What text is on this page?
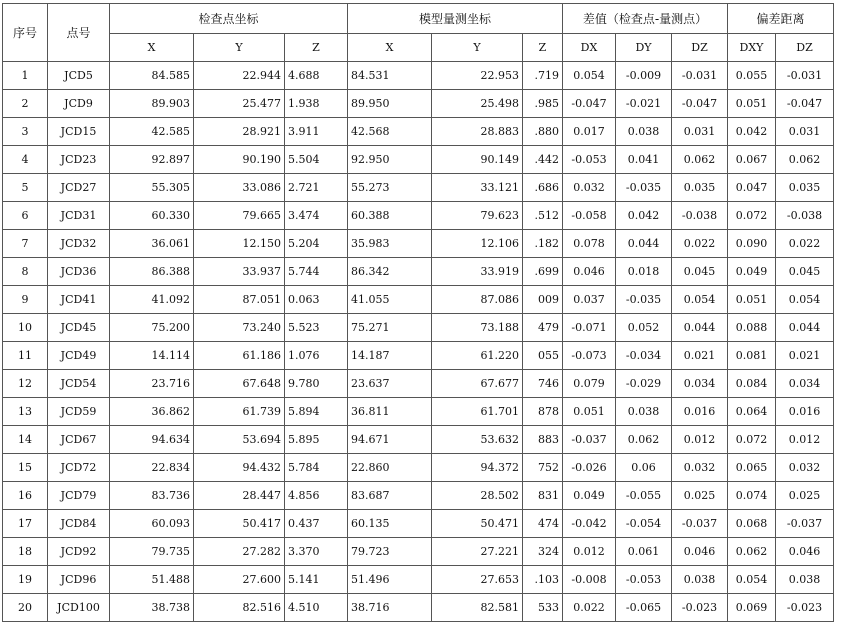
序号	点号	检查点坐标			模型量测坐标			差值（检查点-量测点）			偏差距离	
		X	Y	Z	X	Y	Z	DX	DY	DZ	DXY	DZ
1	JCD5	84.585	22.944	4.688	84.531	22.953	.719	0.054	-0.009	-0.031	0.055	-0.031
2	JCD9	89.903	25.477	1.938	89.950	25.498	.985	-0.047	-0.021	-0.047	0.051	-0.047
3	JCD15	42.585	28.921	3.911	42.568	28.883	.880	0.017	0.038	0.031	0.042	0.031
4	JCD23	92.897	90.190	5.504	92.950	90.149	.442	-0.053	0.041	0.062	0.067	0.062
5	JCD27	55.305	33.086	2.721	55.273	33.121	.686	0.032	-0.035	0.035	0.047	0.035
6	JCD31	60.330	79.665	3.474	60.388	79.623	.512	-0.058	0.042	-0.038	0.072	-0.038
7	JCD32	36.061	12.150	5.204	35.983	12.106	.182	0.078	0.044	0.022	0.090	0.022
8	JCD36	86.388	33.937	5.744	86.342	33.919	.699	0.046	0.018	0.045	0.049	0.045
9	JCD41	41.092	87.051	0.063	41.055	87.086	009	0.037	-0.035	0.054	0.051	0.054
10	JCD45	75.200	73.240	5.523	75.271	73.188	479	-0.071	0.052	0.044	0.088	0.044
11	JCD49	14.114	61.186	1.076	14.187	61.220	055	-0.073	-0.034	0.021	0.081	0.021
12	JCD54	23.716	67.648	9.780	23.637	67.677	746	0.079	-0.029	0.034	0.084	0.034
13	JCD59	36.862	61.739	5.894	36.811	61.701	878	0.051	0.038	0.016	0.064	0.016
14	JCD67	94.634	53.694	5.895	94.671	53.632	883	-0.037	0.062	0.012	0.072	0.012
15	JCD72	22.834	94.432	5.784	22.860	94.372	752	-0.026	0.06	0.032	0.065	0.032
16	JCD79	83.736	28.447	4.856	83.687	28.502	831	0.049	-0.055	0.025	0.074	0.025
17	JCD84	60.093	50.417	0.437	60.135	50.471	474	-0.042	-0.054	-0.037	0.068	-0.037
18	JCD92	79.735	27.282	3.370	79.723	27.221	324	0.012	0.061	0.046	0.062	0.046
19	JCD96	51.488	27.600	5.141	51.496	27.653	.103	-0.008	-0.053	0.038	0.054	0.038
20	JCD100	38.738	82.516	4.510	38.716	82.581	533	0.022	-0.065	-0.023	0.069	-0.023
